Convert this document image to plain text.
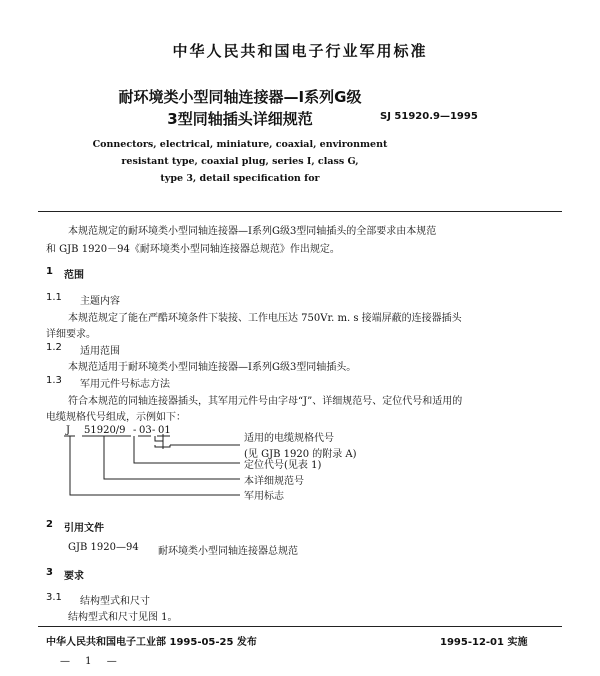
中华人民共和国电子行业军用标准
耐环境类小型同轴连接器—Ⅰ系列G级
3型同轴插头详细规范	SJ 51920.9—1995
Connectors, electrical, miniature, coaxial, environment
resistant type, coaxial plug, series Ⅰ, class G,
type 3, detail specification for
本规范规定的耐环境类小型同轴连接器—I系列G级3型同轴插头的全部要求由本规范
和 GJB 1920－94《耐环境类小型同轴连接器总规范》作出规定。
1 范围
1.1 主题内容
本规范规定了能在严酷环境条件下装接、工作电压达 750Vr. m. s 接端屏蔽的连接器插头
详细要求。
1.2 适用范围
本规范适用于耐环境类小型同轴连接器—I系列G级3型同轴插头。
1.3 军用元件号标志方法
符合本规范的同轴连接器插头，其军用元件号由字母“J”、详细规范号、定位代号和适用的
电缆规格代号组成，示例如下：
J 51920/9 - 03 - 01
适用的电缆规格代号
(见 GJB 1920 的附录 A)
定位代号(见表 1)
本详细规范号
军用标志
2 引用文件
GJB 1920—94 耐环境类小型同轴连接器总规范
3 要求
3.1 结构型式和尺寸
结构型式和尺寸见图 1。
中华人民共和国电子工业部 1995-05-25 发布	1995-12-01 实施
— 1 —
